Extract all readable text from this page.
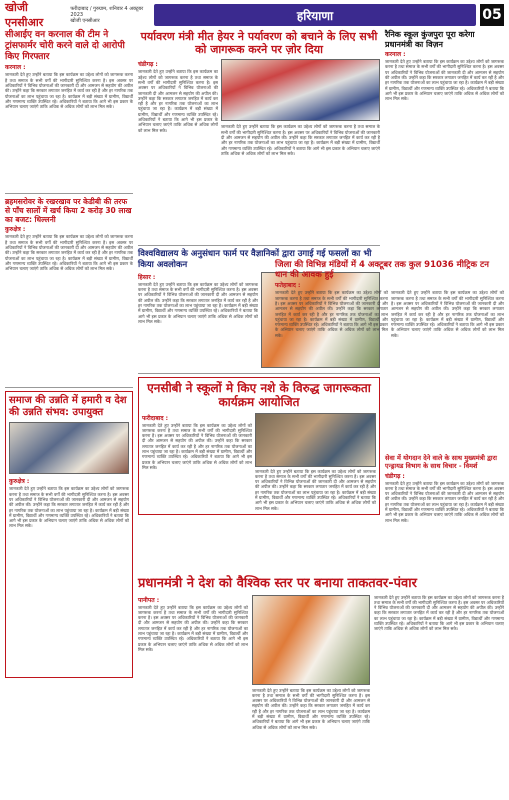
खोजी एनसीआर
फरीदाबाद / गुरुग्राम, शनिवार 4 अक्टूबर 2023
खोजी एनसीआर	हरियाणा	05
सीआईए वन करनाल की टीम ने ट्रांसफार्मर चोरी करने वाले दो आरोपी किए गिरफ्तार
करनाल :
जानकारी देते हुए उन्होंने बताया कि इस कार्यक्रम का उद्देश्य लोगों को जागरूक करना है तथा समाज के सभी वर्गों की भागीदारी सुनिश्चित करना है। इस अवसर पर अधिकारियों ने विभिन्न योजनाओं की जानकारी दी और आमजन से सहयोग की अपील की। उन्होंने कहा कि सरकार लगातार जनहित में कार्य कर रही है और हर नागरिक तक योजनाओं का लाभ पहुंचाया जा रहा है। कार्यक्रम में बड़ी संख्या में ग्रामीण, विद्यार्थी और गणमान्य व्यक्ति उपस्थित रहे। अधिकारियों ने बताया कि आगे भी इस प्रकार के अभियान चलाए जाएंगे ताकि अधिक से अधिक लोगों को लाभ मिल सके।
ब्रहमसरोवर के रखरखाव पर केडीबी की तरफ से पाँच सालों में खर्च किया 2 करोड़ 30 लाख का बजट: धिल्लनी
कुरुक्षेत्र :
जानकारी देते हुए उन्होंने बताया कि इस कार्यक्रम का उद्देश्य लोगों को जागरूक करना है तथा समाज के सभी वर्गों की भागीदारी सुनिश्चित करना है। इस अवसर पर अधिकारियों ने विभिन्न योजनाओं की जानकारी दी और आमजन से सहयोग की अपील की। उन्होंने कहा कि सरकार लगातार जनहित में कार्य कर रही है और हर नागरिक तक योजनाओं का लाभ पहुंचाया जा रहा है। कार्यक्रम में बड़ी संख्या में ग्रामीण, विद्यार्थी और गणमान्य व्यक्ति उपस्थित रहे। अधिकारियों ने बताया कि आगे भी इस प्रकार के अभियान चलाए जाएंगे ताकि अधिक से अधिक लोगों को लाभ मिल सके।
समाज की उन्नति में हमारी व देश की उन्नति संभव: उपायुक्त
कुरुक्षेत्र :
जानकारी देते हुए उन्होंने बताया कि इस कार्यक्रम का उद्देश्य लोगों को जागरूक करना है तथा समाज के सभी वर्गों की भागीदारी सुनिश्चित करना है। इस अवसर पर अधिकारियों ने विभिन्न योजनाओं की जानकारी दी और आमजन से सहयोग की अपील की। उन्होंने कहा कि सरकार लगातार जनहित में कार्य कर रही है और हर नागरिक तक योजनाओं का लाभ पहुंचाया जा रहा है। कार्यक्रम में बड़ी संख्या में ग्रामीण, विद्यार्थी और गणमान्य व्यक्ति उपस्थित रहे। अधिकारियों ने बताया कि आगे भी इस प्रकार के अभियान चलाए जाएंगे ताकि अधिक से अधिक लोगों को लाभ मिल सके।
पर्यावरण मंत्री मीत हेयर ने पर्यावरण को बचाने के लिए सभी को जागरूक करने पर ज़ोर दिया
चंडीगढ़ :
जानकारी देते हुए उन्होंने बताया कि इस कार्यक्रम का उद्देश्य लोगों को जागरूक करना है तथा समाज के सभी वर्गों की भागीदारी सुनिश्चित करना है। इस अवसर पर अधिकारियों ने विभिन्न योजनाओं की जानकारी दी और आमजन से सहयोग की अपील की। उन्होंने कहा कि सरकार लगातार जनहित में कार्य कर रही है और हर नागरिक तक योजनाओं का लाभ पहुंचाया जा रहा है। कार्यक्रम में बड़ी संख्या में ग्रामीण, विद्यार्थी और गणमान्य व्यक्ति उपस्थित रहे। अधिकारियों ने बताया कि आगे भी इस प्रकार के अभियान चलाए जाएंगे ताकि अधिक से अधिक लोगों को लाभ मिल सके।
जानकारी देते हुए उन्होंने बताया कि इस कार्यक्रम का उद्देश्य लोगों को जागरूक करना है तथा समाज के सभी वर्गों की भागीदारी सुनिश्चित करना है। इस अवसर पर अधिकारियों ने विभिन्न योजनाओं की जानकारी दी और आमजन से सहयोग की अपील की। उन्होंने कहा कि सरकार लगातार जनहित में कार्य कर रही है और हर नागरिक तक योजनाओं का लाभ पहुंचाया जा रहा है। कार्यक्रम में बड़ी संख्या में ग्रामीण, विद्यार्थी और गणमान्य व्यक्ति उपस्थित रहे। अधिकारियों ने बताया कि आगे भी इस प्रकार के अभियान चलाए जाएंगे ताकि अधिक से अधिक लोगों को लाभ मिल सके।
विश्वविद्यालय के अनुसंधान फार्म पर वैज्ञानिकों द्वारा उगाई गई फसलों का भी किया अवलोकन
हिसार :
जानकारी देते हुए उन्होंने बताया कि इस कार्यक्रम का उद्देश्य लोगों को जागरूक करना है तथा समाज के सभी वर्गों की भागीदारी सुनिश्चित करना है। इस अवसर पर अधिकारियों ने विभिन्न योजनाओं की जानकारी दी और आमजन से सहयोग की अपील की। उन्होंने कहा कि सरकार लगातार जनहित में कार्य कर रही है और हर नागरिक तक योजनाओं का लाभ पहुंचाया जा रहा है। कार्यक्रम में बड़ी संख्या में ग्रामीण, विद्यार्थी और गणमान्य व्यक्ति उपस्थित रहे। अधिकारियों ने बताया कि आगे भी इस प्रकार के अभियान चलाए जाएंगे ताकि अधिक से अधिक लोगों को लाभ मिल सके।
एनसीबी ने स्कूलों मे किए नशे के विरुद्ध जागरूकता कार्यक्रम आयोजित
फरीदाबाद :
जानकारी देते हुए उन्होंने बताया कि इस कार्यक्रम का उद्देश्य लोगों को जागरूक करना है तथा समाज के सभी वर्गों की भागीदारी सुनिश्चित करना है। इस अवसर पर अधिकारियों ने विभिन्न योजनाओं की जानकारी दी और आमजन से सहयोग की अपील की। उन्होंने कहा कि सरकार लगातार जनहित में कार्य कर रही है और हर नागरिक तक योजनाओं का लाभ पहुंचाया जा रहा है। कार्यक्रम में बड़ी संख्या में ग्रामीण, विद्यार्थी और गणमान्य व्यक्ति उपस्थित रहे। अधिकारियों ने बताया कि आगे भी इस प्रकार के अभियान चलाए जाएंगे ताकि अधिक से अधिक लोगों को लाभ मिल सके।
जानकारी देते हुए उन्होंने बताया कि इस कार्यक्रम का उद्देश्य लोगों को जागरूक करना है तथा समाज के सभी वर्गों की भागीदारी सुनिश्चित करना है। इस अवसर पर अधिकारियों ने विभिन्न योजनाओं की जानकारी दी और आमजन से सहयोग की अपील की। उन्होंने कहा कि सरकार लगातार जनहित में कार्य कर रही है और हर नागरिक तक योजनाओं का लाभ पहुंचाया जा रहा है। कार्यक्रम में बड़ी संख्या में ग्रामीण, विद्यार्थी और गणमान्य व्यक्ति उपस्थित रहे। अधिकारियों ने बताया कि आगे भी इस प्रकार के अभियान चलाए जाएंगे ताकि अधिक से अधिक लोगों को लाभ मिल सके।
रैनिक स्कूल कुंजपुरा पूरा करेगा प्रधानमंत्री का विज़न
करनाल :
जानकारी देते हुए उन्होंने बताया कि इस कार्यक्रम का उद्देश्य लोगों को जागरूक करना है तथा समाज के सभी वर्गों की भागीदारी सुनिश्चित करना है। इस अवसर पर अधिकारियों ने विभिन्न योजनाओं की जानकारी दी और आमजन से सहयोग की अपील की। उन्होंने कहा कि सरकार लगातार जनहित में कार्य कर रही है और हर नागरिक तक योजनाओं का लाभ पहुंचाया जा रहा है। कार्यक्रम में बड़ी संख्या में ग्रामीण, विद्यार्थी और गणमान्य व्यक्ति उपस्थित रहे। अधिकारियों ने बताया कि आगे भी इस प्रकार के अभियान चलाए जाएंगे ताकि अधिक से अधिक लोगों को लाभ मिल सके।
जिला की विभिन्न मंडियों में 4 अक्टूबर तक कुल 91036 मीट्रिक टन धान की आवक हुई
फतेहाबाद :
जानकारी देते हुए उन्होंने बताया कि इस कार्यक्रम का उद्देश्य लोगों को जागरूक करना है तथा समाज के सभी वर्गों की भागीदारी सुनिश्चित करना है। इस अवसर पर अधिकारियों ने विभिन्न योजनाओं की जानकारी दी और आमजन से सहयोग की अपील की। उन्होंने कहा कि सरकार लगातार जनहित में कार्य कर रही है और हर नागरिक तक योजनाओं का लाभ पहुंचाया जा रहा है। कार्यक्रम में बड़ी संख्या में ग्रामीण, विद्यार्थी और गणमान्य व्यक्ति उपस्थित रहे। अधिकारियों ने बताया कि आगे भी इस प्रकार के अभियान चलाए जाएंगे ताकि अधिक से अधिक लोगों को लाभ मिल सके।
जानकारी देते हुए उन्होंने बताया कि इस कार्यक्रम का उद्देश्य लोगों को जागरूक करना है तथा समाज के सभी वर्गों की भागीदारी सुनिश्चित करना है। इस अवसर पर अधिकारियों ने विभिन्न योजनाओं की जानकारी दी और आमजन से सहयोग की अपील की। उन्होंने कहा कि सरकार लगातार जनहित में कार्य कर रही है और हर नागरिक तक योजनाओं का लाभ पहुंचाया जा रहा है। कार्यक्रम में बड़ी संख्या में ग्रामीण, विद्यार्थी और गणमान्य व्यक्ति उपस्थित रहे। अधिकारियों ने बताया कि आगे भी इस प्रकार के अभियान चलाए जाएंगे ताकि अधिक से अधिक लोगों को लाभ मिल सके।
सेवा में योगदान देने वाले के साथ मुख्यमंत्री द्वारा एन्ड्रायड विभाग के साथ विचार - विमर्श
चंडीगढ़ :
जानकारी देते हुए उन्होंने बताया कि इस कार्यक्रम का उद्देश्य लोगों को जागरूक करना है तथा समाज के सभी वर्गों की भागीदारी सुनिश्चित करना है। इस अवसर पर अधिकारियों ने विभिन्न योजनाओं की जानकारी दी और आमजन से सहयोग की अपील की। उन्होंने कहा कि सरकार लगातार जनहित में कार्य कर रही है और हर नागरिक तक योजनाओं का लाभ पहुंचाया जा रहा है। कार्यक्रम में बड़ी संख्या में ग्रामीण, विद्यार्थी और गणमान्य व्यक्ति उपस्थित रहे। अधिकारियों ने बताया कि आगे भी इस प्रकार के अभियान चलाए जाएंगे ताकि अधिक से अधिक लोगों को लाभ मिल सके।
प्रधानमंत्री ने देश को वैश्विक स्तर पर बनाया ताकतवर-पंवार
पानीपत :
जानकारी देते हुए उन्होंने बताया कि इस कार्यक्रम का उद्देश्य लोगों को जागरूक करना है तथा समाज के सभी वर्गों की भागीदारी सुनिश्चित करना है। इस अवसर पर अधिकारियों ने विभिन्न योजनाओं की जानकारी दी और आमजन से सहयोग की अपील की। उन्होंने कहा कि सरकार लगातार जनहित में कार्य कर रही है और हर नागरिक तक योजनाओं का लाभ पहुंचाया जा रहा है। कार्यक्रम में बड़ी संख्या में ग्रामीण, विद्यार्थी और गणमान्य व्यक्ति उपस्थित रहे। अधिकारियों ने बताया कि आगे भी इस प्रकार के अभियान चलाए जाएंगे ताकि अधिक से अधिक लोगों को लाभ मिल सके।
जानकारी देते हुए उन्होंने बताया कि इस कार्यक्रम का उद्देश्य लोगों को जागरूक करना है तथा समाज के सभी वर्गों की भागीदारी सुनिश्चित करना है। इस अवसर पर अधिकारियों ने विभिन्न योजनाओं की जानकारी दी और आमजन से सहयोग की अपील की। उन्होंने कहा कि सरकार लगातार जनहित में कार्य कर रही है और हर नागरिक तक योजनाओं का लाभ पहुंचाया जा रहा है। कार्यक्रम में बड़ी संख्या में ग्रामीण, विद्यार्थी और गणमान्य व्यक्ति उपस्थित रहे। अधिकारियों ने बताया कि आगे भी इस प्रकार के अभियान चलाए जाएंगे ताकि अधिक से अधिक लोगों को लाभ मिल सके।
जानकारी देते हुए उन्होंने बताया कि इस कार्यक्रम का उद्देश्य लोगों को जागरूक करना है तथा समाज के सभी वर्गों की भागीदारी सुनिश्चित करना है। इस अवसर पर अधिकारियों ने विभिन्न योजनाओं की जानकारी दी और आमजन से सहयोग की अपील की। उन्होंने कहा कि सरकार लगातार जनहित में कार्य कर रही है और हर नागरिक तक योजनाओं का लाभ पहुंचाया जा रहा है। कार्यक्रम में बड़ी संख्या में ग्रामीण, विद्यार्थी और गणमान्य व्यक्ति उपस्थित रहे। अधिकारियों ने बताया कि आगे भी इस प्रकार के अभियान चलाए जाएंगे ताकि अधिक से अधिक लोगों को लाभ मिल सके।
